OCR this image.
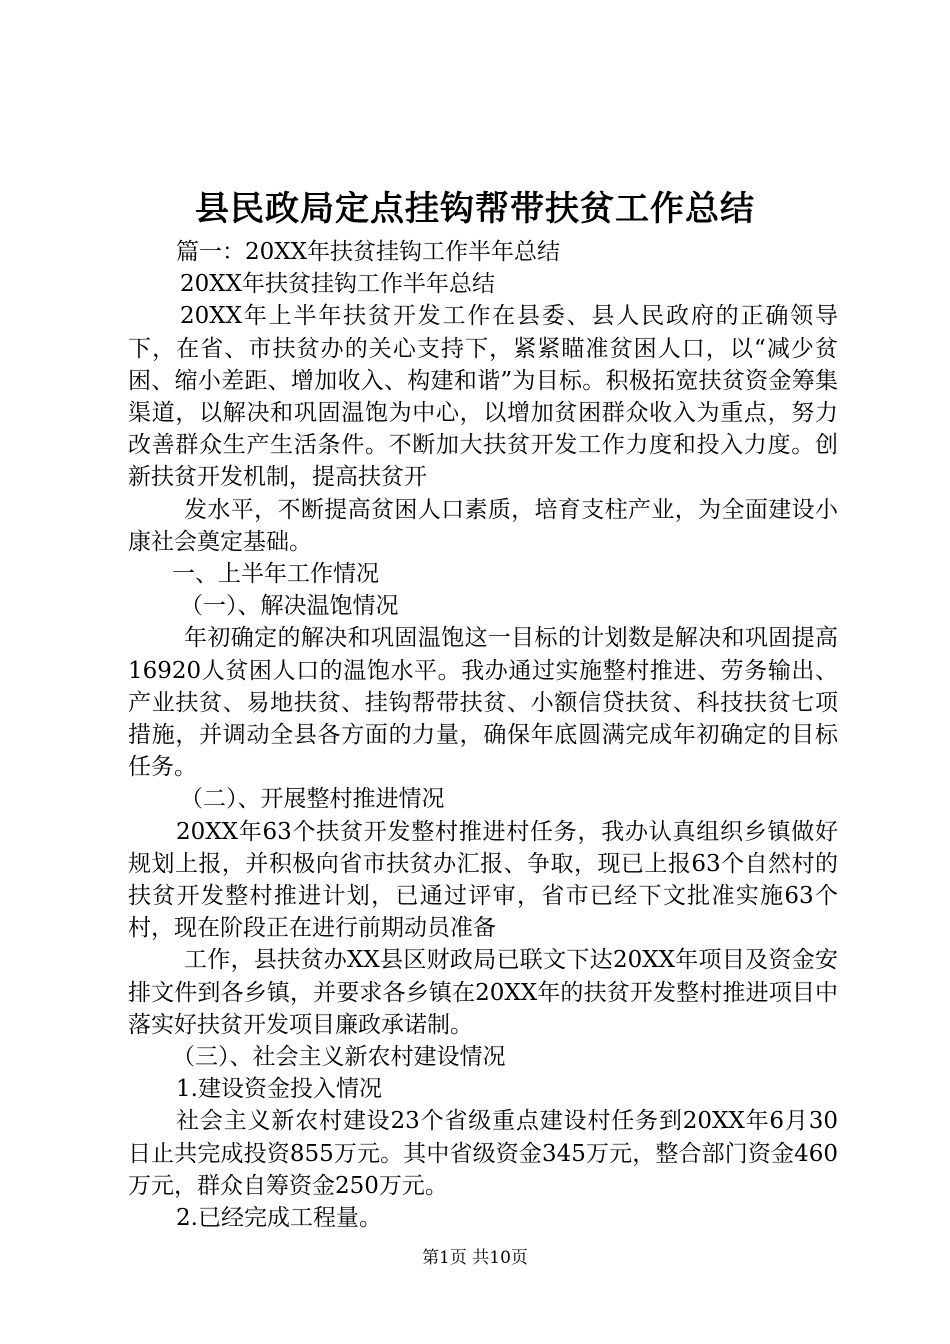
县民政局定点挂钩帮带扶贫工作总结

篇一：20XX年扶贫挂钩工作半年总结

20XX年扶贫挂钩工作半年总结

20XX年上半年扶贫开发工作在县委、县人民政府的正确领导下，在省、市扶贫办的关心支持下，紧紧瞄准贫困人口，以“减少贫困、缩小差距、增加收入、构建和谐”为目标。积极拓宽扶贫资金筹集渠道，以解决和巩固温饱为中心，以增加贫困群众收入为重点，努力改善群众生产生活条件。不断加大扶贫开发工作力度和投入力度。创新扶贫开发机制，提高扶贫开

发水平，不断提高贫困人口素质，培育支柱产业，为全面建设小康社会奠定基础。

一、上半年工作情况

（一）、解决温饱情况

年初确定的解决和巩固温饱这一目标的计划数是解决和巩固提高16920人贫困人口的温饱水平。我办通过实施整村推进、劳务输出、产业扶贫、易地扶贫、挂钩帮带扶贫、小额信贷扶贫、科技扶贫七项措施，并调动全县各方面的力量，确保年底圆满完成年初确定的目标任务。

（二）、开展整村推进情况

20XX年63个扶贫开发整村推进村任务，我办认真组织乡镇做好规划上报，并积极向省市扶贫办汇报、争取，现已上报63个自然村的扶贫开发整村推进计划，已通过评审，省市已经下文批准实施63个村，现在阶段正在进行前期动员准备

工作，县扶贫办XX县区财政局已联文下达20XX年项目及资金安排文件到各乡镇，并要求各乡镇在20XX年的扶贫开发整村推进项目中落实好扶贫开发项目廉政承诺制。

（三）、社会主义新农村建设情况

1.建设资金投入情况

社会主义新农村建设23个省级重点建设村任务到20XX年6月30日止共完成投资855万元。其中省级资金345万元，整合部门资金460万元，群众自筹资金250万元。

2.已经完成工程量。

第1页 共10页
